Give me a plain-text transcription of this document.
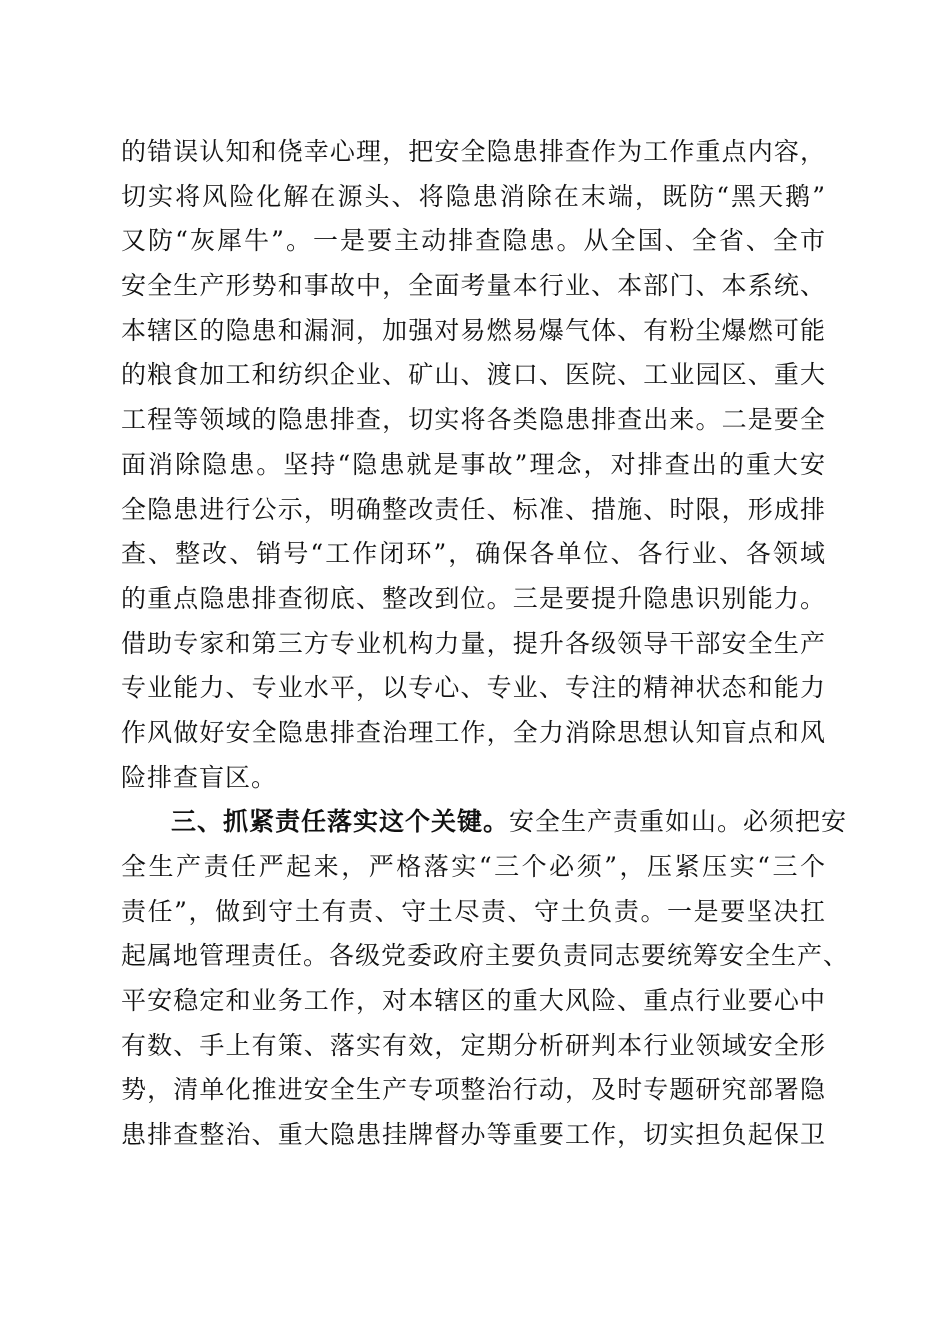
的错误认知和侥幸心理，把安全隐患排查作为工作重点内容，
切实将风险化解在源头、将隐患消除在末端，既防“黑天鹅”
又防“灰犀牛”。一是要主动排查隐患。从全国、全省、全市
安全生产形势和事故中，全面考量本行业、本部门、本系统、
本辖区的隐患和漏洞，加强对易燃易爆气体、有粉尘爆燃可能
的粮食加工和纺织企业、矿山、渡口、医院、工业园区、重大
工程等领域的隐患排查，切实将各类隐患排查出来。二是要全
面消除隐患。坚持“隐患就是事故”理念，对排查出的重大安
全隐患进行公示，明确整改责任、标准、措施、时限，形成排
查、整改、销号“工作闭环”，确保各单位、各行业、各领域
的重点隐患排查彻底、整改到位。三是要提升隐患识别能力。
借助专家和第三方专业机构力量，提升各级领导干部安全生产
专业能力、专业水平，以专心、专业、专注的精神状态和能力
作风做好安全隐患排查治理工作，全力消除思想认知盲点和风
险排查盲区。
三、抓紧责任落实这个关键。安全生产责重如山。必须把安
全生产责任严起来，严格落实“三个必须”，压紧压实“三个
责任”，做到守土有责、守土尽责、守土负责。一是要坚决扛
起属地管理责任。各级党委政府主要负责同志要统筹安全生产、
平安稳定和业务工作，对本辖区的重大风险、重点行业要心中
有数、手上有策、落实有效，定期分析研判本行业领域安全形
势，清单化推进安全生产专项整治行动，及时专题研究部署隐
患排查整治、重大隐患挂牌督办等重要工作，切实担负起保卫
